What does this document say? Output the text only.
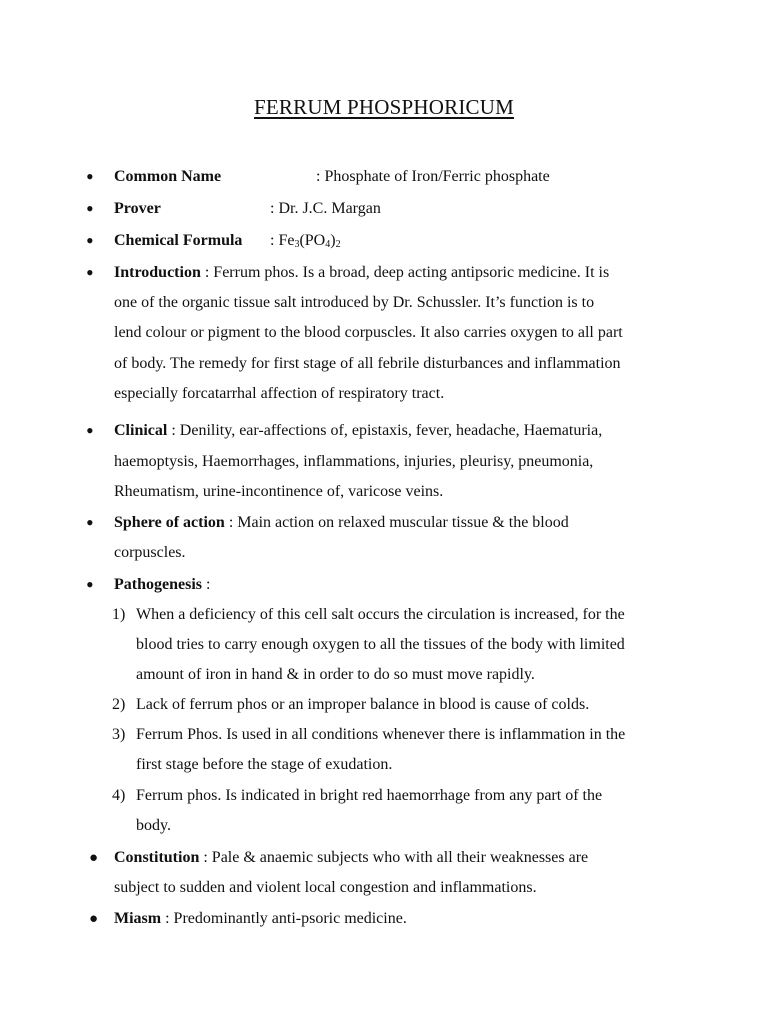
FERRUM PHOSPHORICUM
• Common Name	: Phosphate of Iron/Ferric phosphate
• Prover	: Dr. J.C. Margan
• Chemical Formula	: $Fe_3(PO_4)_2$
• Introduction : Ferrum phos. Is a broad, deep acting antipsoric medicine. It is
one of the organic tissue salt introduced by Dr. Schussler. It’s function is to
lend colour or pigment to the blood corpuscles. It also carries oxygen to all part
of body. The remedy for first stage of all febrile disturbances and inflammation
especially forcatarrhal affection of respiratory tract.
• Clinical : Denility, ear-affections of, epistaxis, fever, headache, Haematuria,
haemoptysis, Haemorrhages, inflammations, injuries, pleurisy, pneumonia,
Rheumatism, urine-incontinence of, varicose veins.
• Sphere of action : Main action on relaxed muscular tissue & the blood
corpuscles.
• Pathogenesis :
1) When a deficiency of this cell salt occurs the circulation is increased, for the
blood tries to carry enough oxygen to all the tissues of the body with limited
amount of iron in hand & in order to do so must move rapidly.
2) Lack of ferrum phos or an improper balance in blood is cause of colds.
3) Ferrum Phos. Is used in all conditions whenever there is inflammation in the
first stage before the stage of exudation.
4) Ferrum phos. Is indicated in bright red haemorrhage from any part of the
body.
● Constitution : Pale & anaemic subjects who with all their weaknesses are
subject to sudden and violent local congestion and inflammations.
● Miasm : Predominantly anti-psoric medicine.
